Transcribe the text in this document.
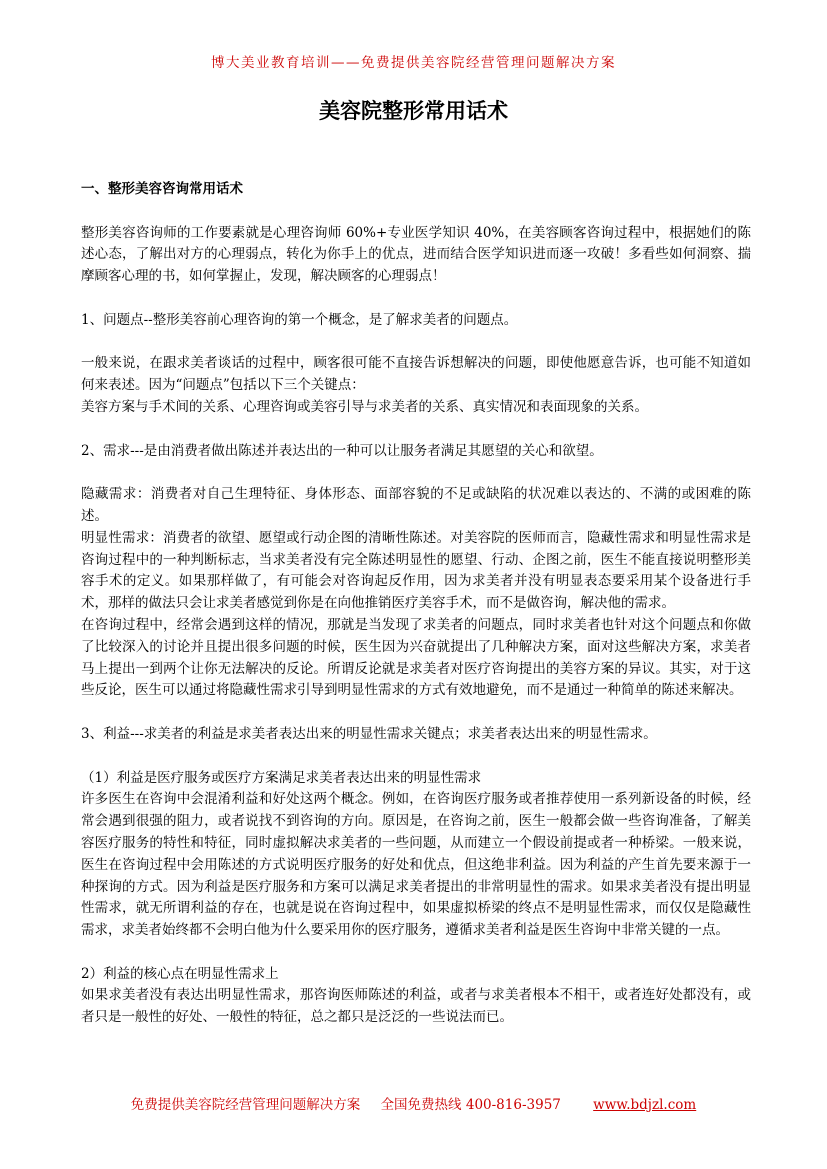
博大美业教育培训——免费提供美容院经营管理问题解决方案
美容院整形常用话术

一、整形美容咨询常用话术

整形美容咨询师的工作要素就是心理咨询师 60%+专业医学知识 40%，在美容顾客咨询过程中，根据她们的陈述心态，了解出对方的心理弱点，转化为你手上的优点，进而结合医学知识进而逐一攻破！多看些如何洞察、揣摩顾客心理的书，如何掌握止，发现，解决顾客的心理弱点！

1、问题点--整形美容前心理咨询的第一个概念，是了解求美者的问题点。

一般来说，在跟求美者谈话的过程中，顾客很可能不直接告诉想解决的问题，即使他愿意告诉，也可能不知道如何来表述。因为“问题点”包括以下三个关键点：

美容方案与手术间的关系、心理咨询或美容引导与求美者的关系、真实情况和表面现象的关系。

2、需求---是由消费者做出陈述并表达出的一种可以让服务者满足其愿望的关心和欲望。

隐藏需求：消费者对自己生理特征、身体形态、面部容貌的不足或缺陷的状况难以表达的、不满的或困难的陈述。

明显性需求：消费者的欲望、愿望或行动企图的清晰性陈述。对美容院的医师而言，隐藏性需求和明显性需求是咨询过程中的一种判断标志，当求美者没有完全陈述明显性的愿望、行动、企图之前，医生不能直接说明整形美容手术的定义。如果那样做了，有可能会对咨询起反作用，因为求美者并没有明显表态要采用某个设备进行手术，那样的做法只会让求美者感觉到你是在向他推销医疗美容手术，而不是做咨询，解决他的需求。

在咨询过程中，经常会遇到这样的情况，那就是当发现了求美者的问题点，同时求美者也针对这个问题点和你做了比较深入的讨论并且提出很多问题的时候，医生因为兴奋就提出了几种解决方案，面对这些解决方案，求美者马上提出一到两个让你无法解决的反论。所谓反论就是求美者对医疗咨询提出的美容方案的异议。其实，对于这些反论，医生可以通过将隐藏性需求引导到明显性需求的方式有效地避免，而不是通过一种简单的陈述来解决。

3、利益---求美者的利益是求美者表达出来的明显性需求关键点；求美者表达出来的明显性需求。

（1）利益是医疗服务或医疗方案满足求美者表达出来的明显性需求

许多医生在咨询中会混淆利益和好处这两个概念。例如，在咨询医疗服务或者推荐使用一系列新设备的时候，经常会遇到很强的阻力，或者说找不到咨询的方向。原因是，在咨询之前，医生一般都会做一些咨询准备，了解美容医疗服务的特性和特征，同时虚拟解决求美者的一些问题，从而建立一个假设前提或者一种桥梁。一般来说，医生在咨询过程中会用陈述的方式说明医疗服务的好处和优点，但这绝非利益。因为利益的产生首先要来源于一种探询的方式。因为利益是医疗服务和方案可以满足求美者提出的非常明显性的需求。如果求美者没有提出明显性需求，就无所谓利益的存在，也就是说在咨询过程中，如果虚拟桥梁的终点不是明显性需求，而仅仅是隐藏性需求，求美者始终都不会明白他为什么要采用你的医疗服务，遵循求美者利益是医生咨询中非常关键的一点。

2）利益的核心点在明显性需求上

如果求美者没有表达出明显性需求，那咨询医师陈述的利益，或者与求美者根本不相干，或者连好处都没有，或者只是一般性的好处、一般性的特征，总之都只是泛泛的一些说法而已。

免费提供美容院经营管理问题解决方案 全国免费热线 400-816-3957 www.bdjzl.com
